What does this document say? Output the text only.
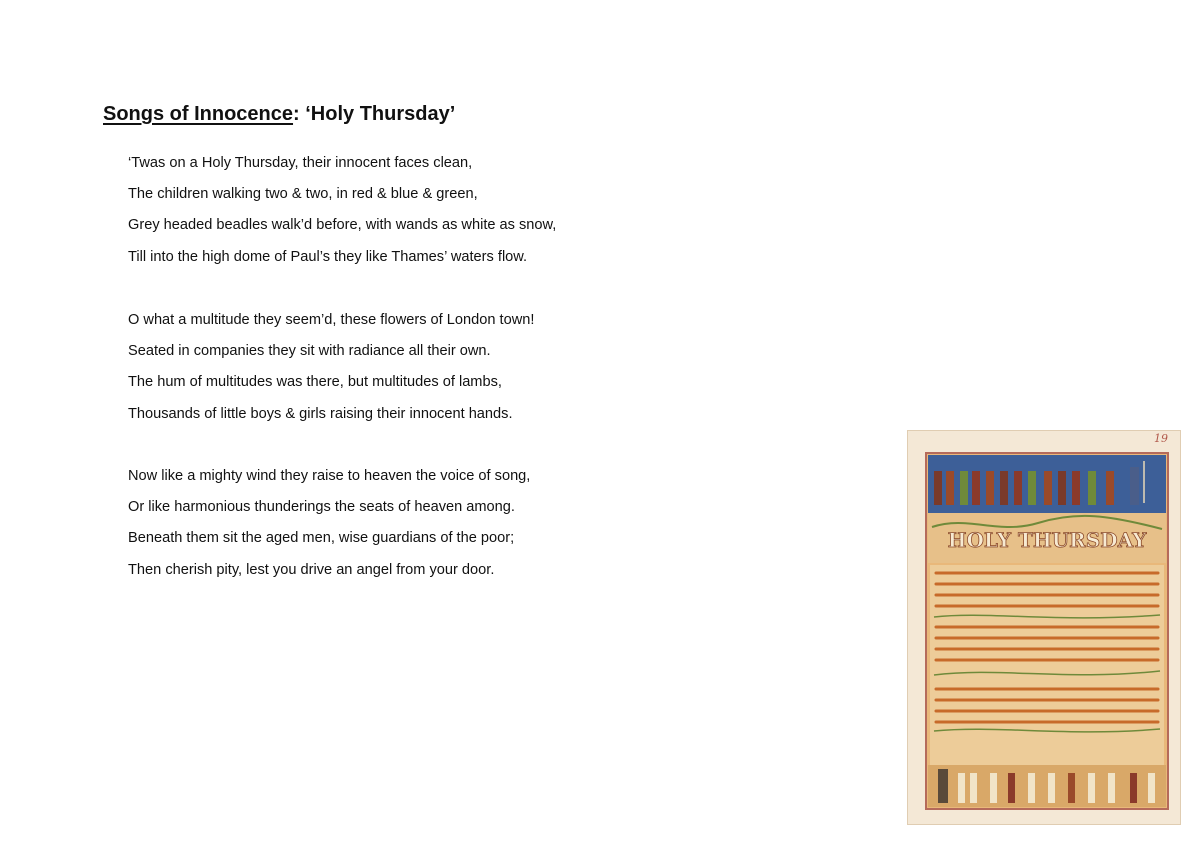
Songs of Innocence: ‘Holy Thursday’
‘Twas on a Holy Thursday, their innocent faces clean,
The children walking two & two, in red & blue & green,
Grey headed beadles walk’d before, with wands as white as snow,
Till into the high dome of Paul’s they like Thames’ waters flow.
O what a multitude they seem’d, these flowers of London town!
Seated in companies they sit with radiance all their own.
The hum of multitudes was there, but multitudes of lambs,
Thousands of little boys & girls raising their innocent hands.
Now like a mighty wind they raise to heaven the voice of song,
Or like harmonious thunderings the seats of heaven among.
Beneath them sit the aged men, wise guardians of the poor;
Then cherish pity, lest you drive an angel from your door.
HOLY THURSDAY
19
